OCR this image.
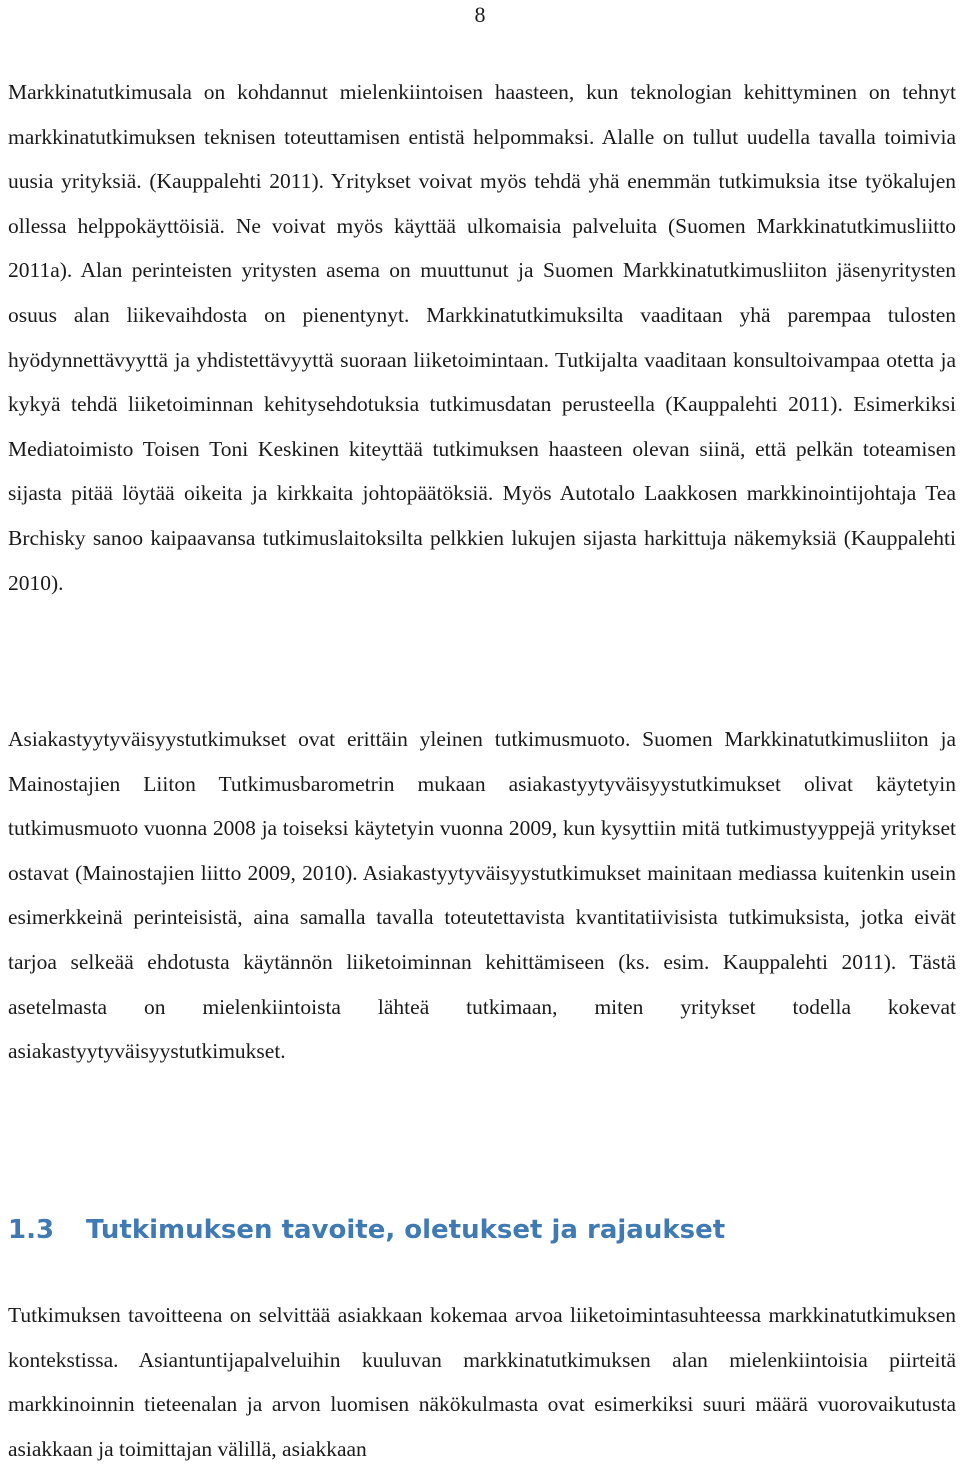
8

Markkinatutkimusala on kohdannut mielenkiintoisen haasteen, kun teknologian kehittyminen on tehnyt markkinatutkimuksen teknisen toteuttamisen entistä helpommaksi. Alalle on tullut uudella tavalla toimivia uusia yrityksiä. (Kauppalehti 2011). Yritykset voivat myös tehdä yhä enemmän tutkimuksia itse työkalujen ollessa helppokäyttöisiä. Ne voivat myös käyttää ulkomaisia palveluita (Suomen Markkinatutkimusliitto 2011a). Alan perinteisten yritysten asema on muuttunut ja Suomen Markkinatutkimusliiton jäsenyritysten osuus alan liikevaihdosta on pienentynyt. Markkinatutkimuksilta vaaditaan yhä parempaa tulosten hyödynnettävyyttä ja yhdistettävyyttä suoraan liiketoimintaan. Tutkijalta vaaditaan konsultoivampaa otetta ja kykyä tehdä liiketoiminnan kehitysehdotuksia tutkimusdatan perusteella (Kauppalehti 2011). Esimerkiksi Mediatoimisto Toisen Toni Keskinen kiteyttää tutkimuksen haasteen olevan siinä, että pelkän toteamisen sijasta pitää löytää oikeita ja kirkkaita johtopäätöksiä. Myös Autotalo Laakkosen markkinointijohtaja Tea Brchisky sanoo kaipaavansa tutkimuslaitoksilta pelkkien lukujen sijasta harkittuja näkemyksiä (Kauppalehti 2010).

Asiakastyytyväisyystutkimukset ovat erittäin yleinen tutkimusmuoto. Suomen Markkinatutkimusliiton ja Mainostajien Liiton Tutkimusbarometrin mukaan asiakastyytyväisyystutkimukset olivat käytetyin tutkimusmuoto vuonna 2008 ja toiseksi käytetyin vuonna 2009, kun kysyttiin mitä tutkimustyyppejä yritykset ostavat (Mainostajien liitto 2009, 2010). Asiakastyytyväisyystutkimukset mainitaan mediassa kuitenkin usein esimerkkeinä perinteisistä, aina samalla tavalla toteutettavista kvantitatiivisista tutkimuksista, jotka eivät tarjoa selkeää ehdotusta käytännön liiketoiminnan kehittämiseen (ks. esim. Kauppalehti 2011). Tästä asetelmasta on mielenkiintoista lähteä tutkimaan, miten yritykset todella kokevat asiakastyytyväisyystutkimukset.

1.3 Tutkimuksen tavoite, oletukset ja rajaukset

Tutkimuksen tavoitteena on selvittää asiakkaan kokemaa arvoa liiketoimintasuhteessa markkinatutkimuksen kontekstissa. Asiantuntijapalveluihin kuuluvan markkinatutkimuksen alan mielenkiintoisia piirteitä markkinoinnin tieteenalan ja arvon luomisen näkökulmasta ovat esimerkiksi suuri määrä vuorovaikutusta asiakkaan ja toimittajan välillä, asiakkaan
